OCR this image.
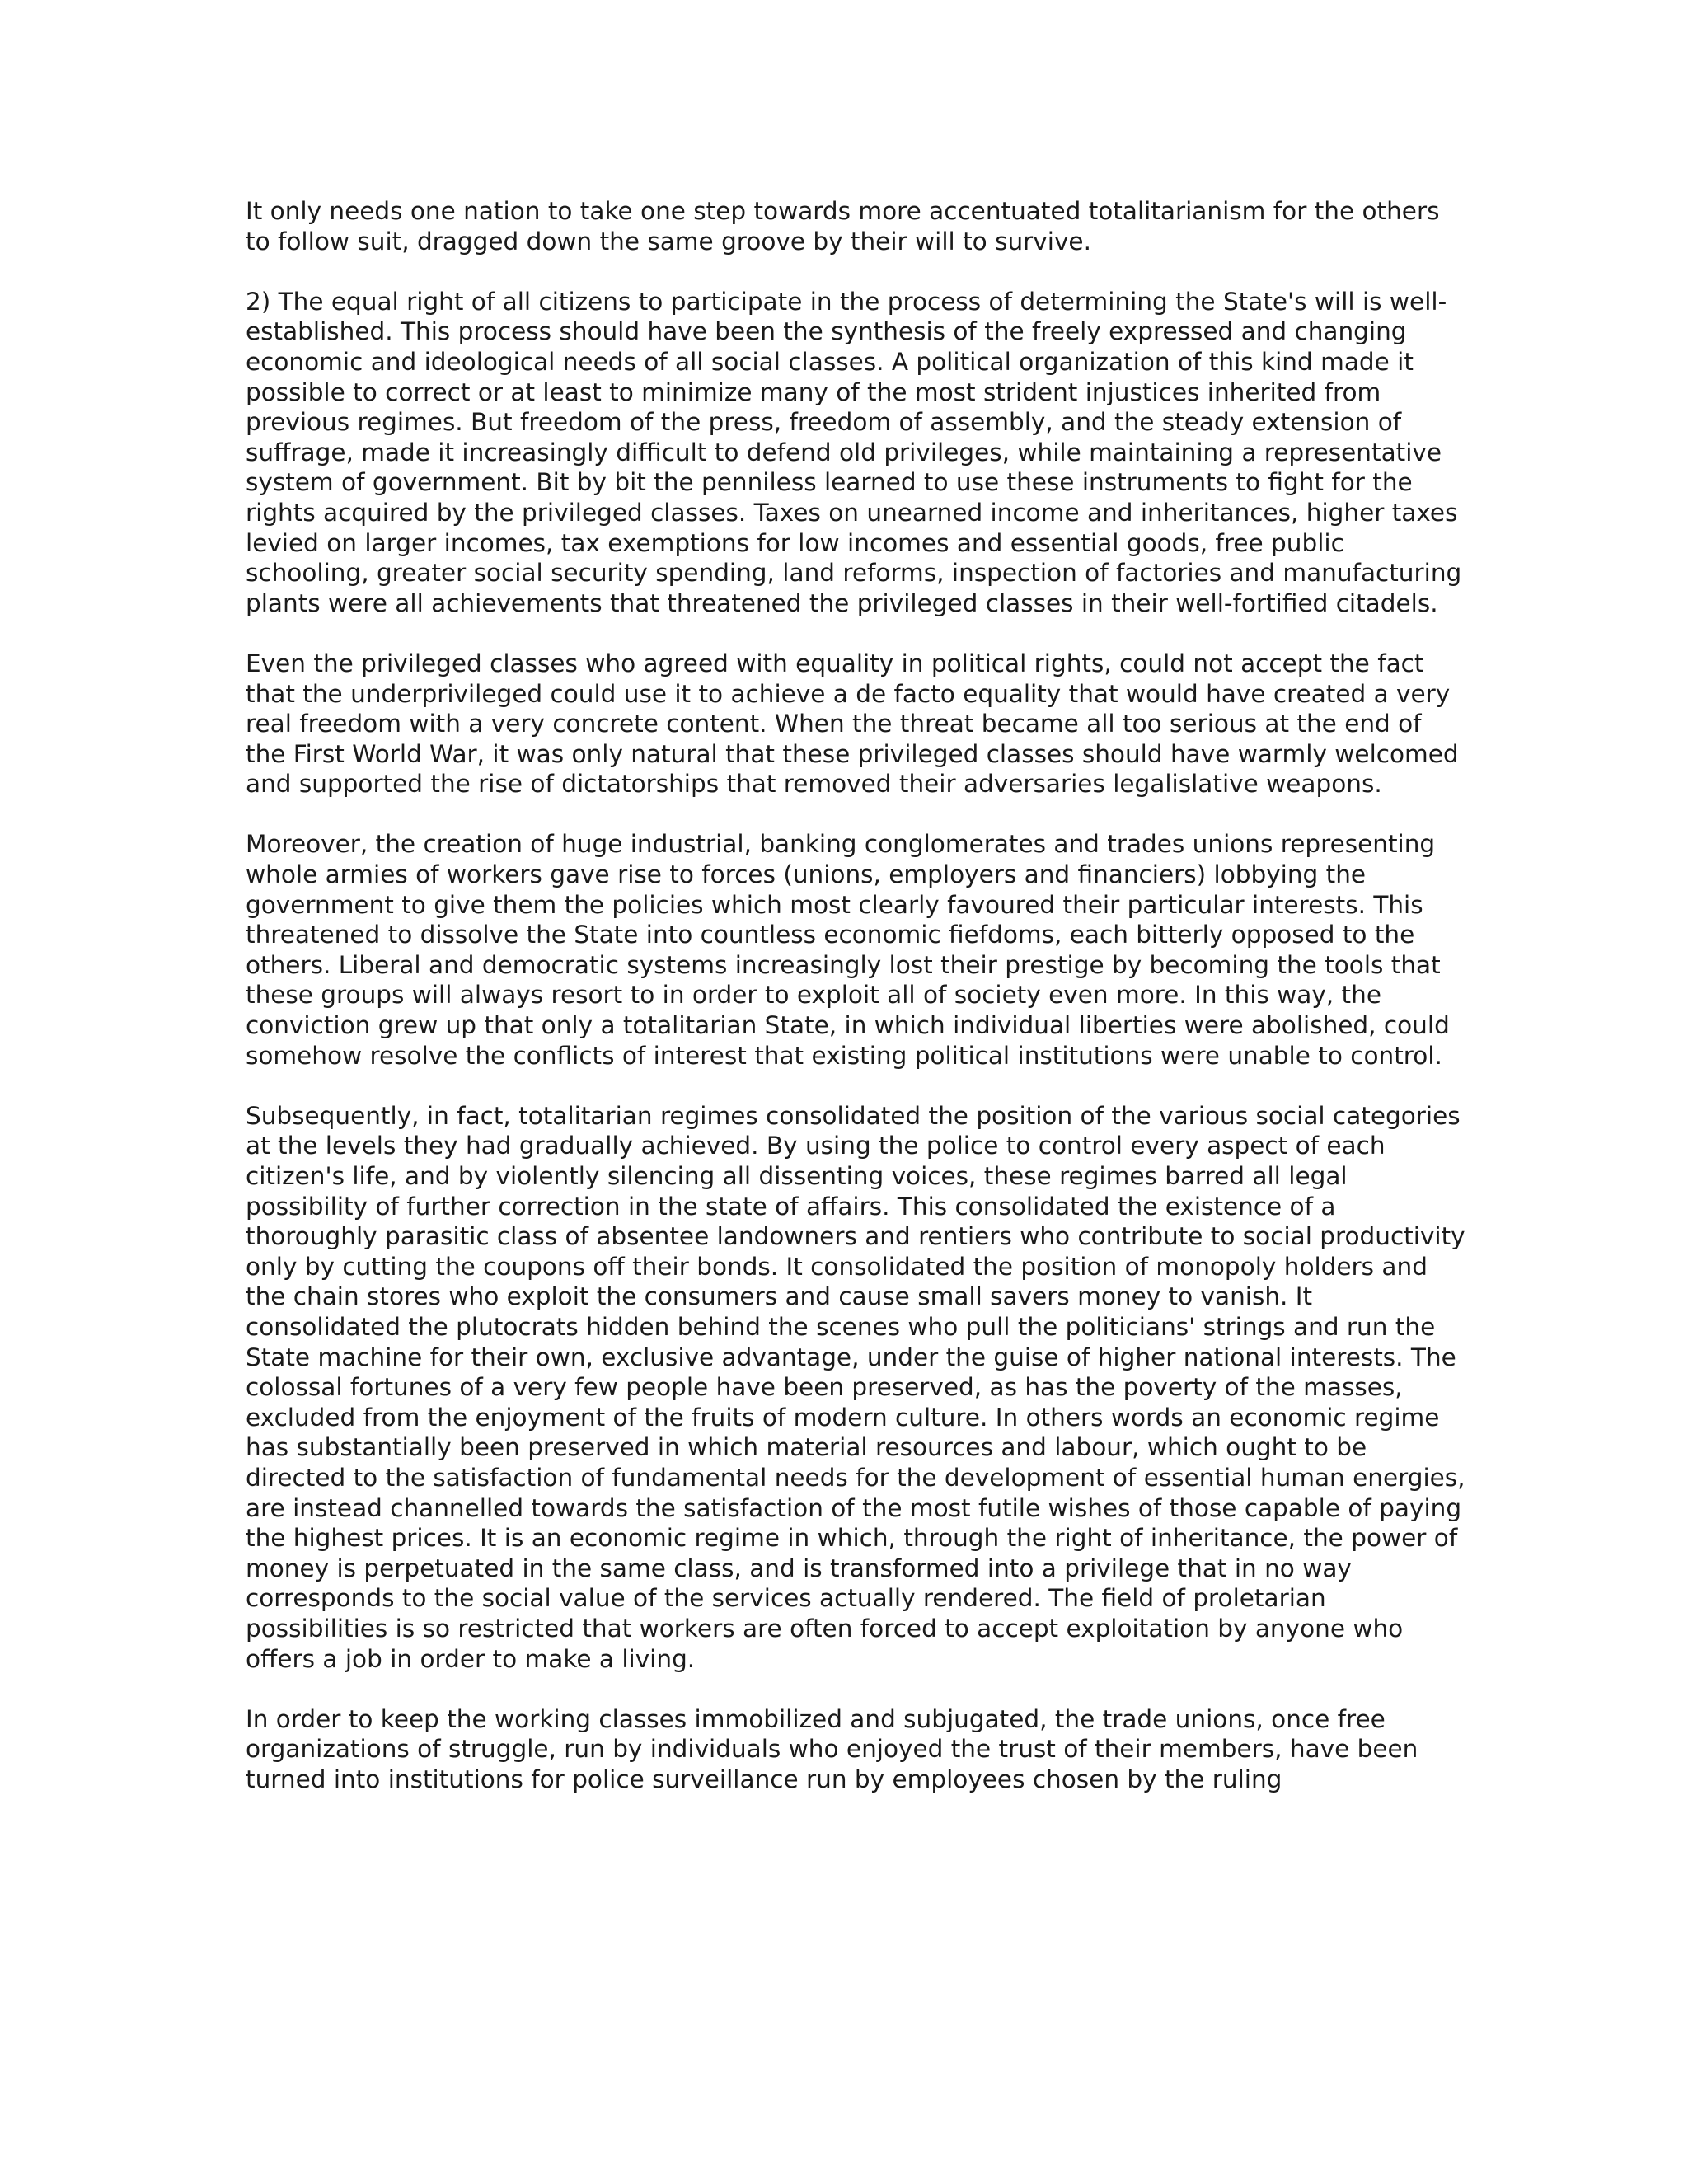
It only needs one nation to take one step towards more accentuated totalitarianism for the others to follow suit, dragged down the same groove by their will to survive.

2) The equal right of all citizens to participate in the process of determining the State's will is well-established. This process should have been the synthesis of the freely expressed and changing economic and ideological needs of all social classes. A political organization of this kind made it possible to correct or at least to minimize many of the most strident injustices inherited from previous regimes. But freedom of the press, freedom of assembly, and the steady extension of suffrage, made it increasingly difficult to defend old privileges, while maintaining a representative system of government. Bit by bit the penniless learned to use these instruments to fight for the rights acquired by the privileged classes. Taxes on unearned income and inheritances, higher taxes levied on larger incomes, tax exemptions for low incomes and essential goods, free public schooling, greater social security spending, land reforms, inspection of factories and manufacturing plants were all achievements that threatened the privileged classes in their well-fortified citadels.

Even the privileged classes who agreed with equality in political rights, could not accept the fact that the underprivileged could use it to achieve a de facto equality that would have created a very real freedom with a very concrete content. When the threat became all too serious at the end of the First World War, it was only natural that these privileged classes should have warmly welcomed and supported the rise of dictatorships that removed their adversaries legalislative weapons.

Moreover, the creation of huge industrial, banking conglomerates and trades unions representing whole armies of workers gave rise to forces (unions, employers and financiers) lobbying the government to give them the policies which most clearly favoured their particular interests. This threatened to dissolve the State into countless economic fiefdoms, each bitterly opposed to the others. Liberal and democratic systems increasingly lost their prestige by becoming the tools that these groups will always resort to in order to exploit all of society even more. In this way, the conviction grew up that only a totalitarian State, in which individual liberties were abolished, could somehow resolve the conflicts of interest that existing political institutions were unable to control.

Subsequently, in fact, totalitarian regimes consolidated the position of the various social categories at the levels they had gradually achieved. By using the police to control every aspect of each citizen's life, and by violently silencing all dissenting voices, these regimes barred all legal possibility of further correction in the state of affairs. This consolidated the existence of a thoroughly parasitic class of absentee landowners and rentiers who contribute to social productivity only by cutting the coupons off their bonds. It consolidated the position of monopoly holders and the chain stores who exploit the consumers and cause small savers money to vanish. It consolidated the plutocrats hidden behind the scenes who pull the politicians' strings and run the State machine for their own, exclusive advantage, under the guise of higher national interests. The colossal fortunes of a very few people have been preserved, as has the poverty of the masses, excluded from the enjoyment of the fruits of modern culture. In others words an economic regime has substantially been preserved in which material resources and labour, which ought to be directed to the satisfaction of fundamental needs for the development of essential human energies, are instead channelled towards the satisfaction of the most futile wishes of those capable of paying the highest prices. It is an economic regime in which, through the right of inheritance, the power of money is perpetuated in the same class, and is transformed into a privilege that in no way corresponds to the social value of the services actually rendered. The field of proletarian possibilities is so restricted that workers are often forced to accept exploitation by anyone who offers a job in order to make a living.

In order to keep the working classes immobilized and subjugated, the trade unions, once free organizations of struggle, run by individuals who enjoyed the trust of their members, have been turned into institutions for police surveillance run by employees chosen by the ruling
